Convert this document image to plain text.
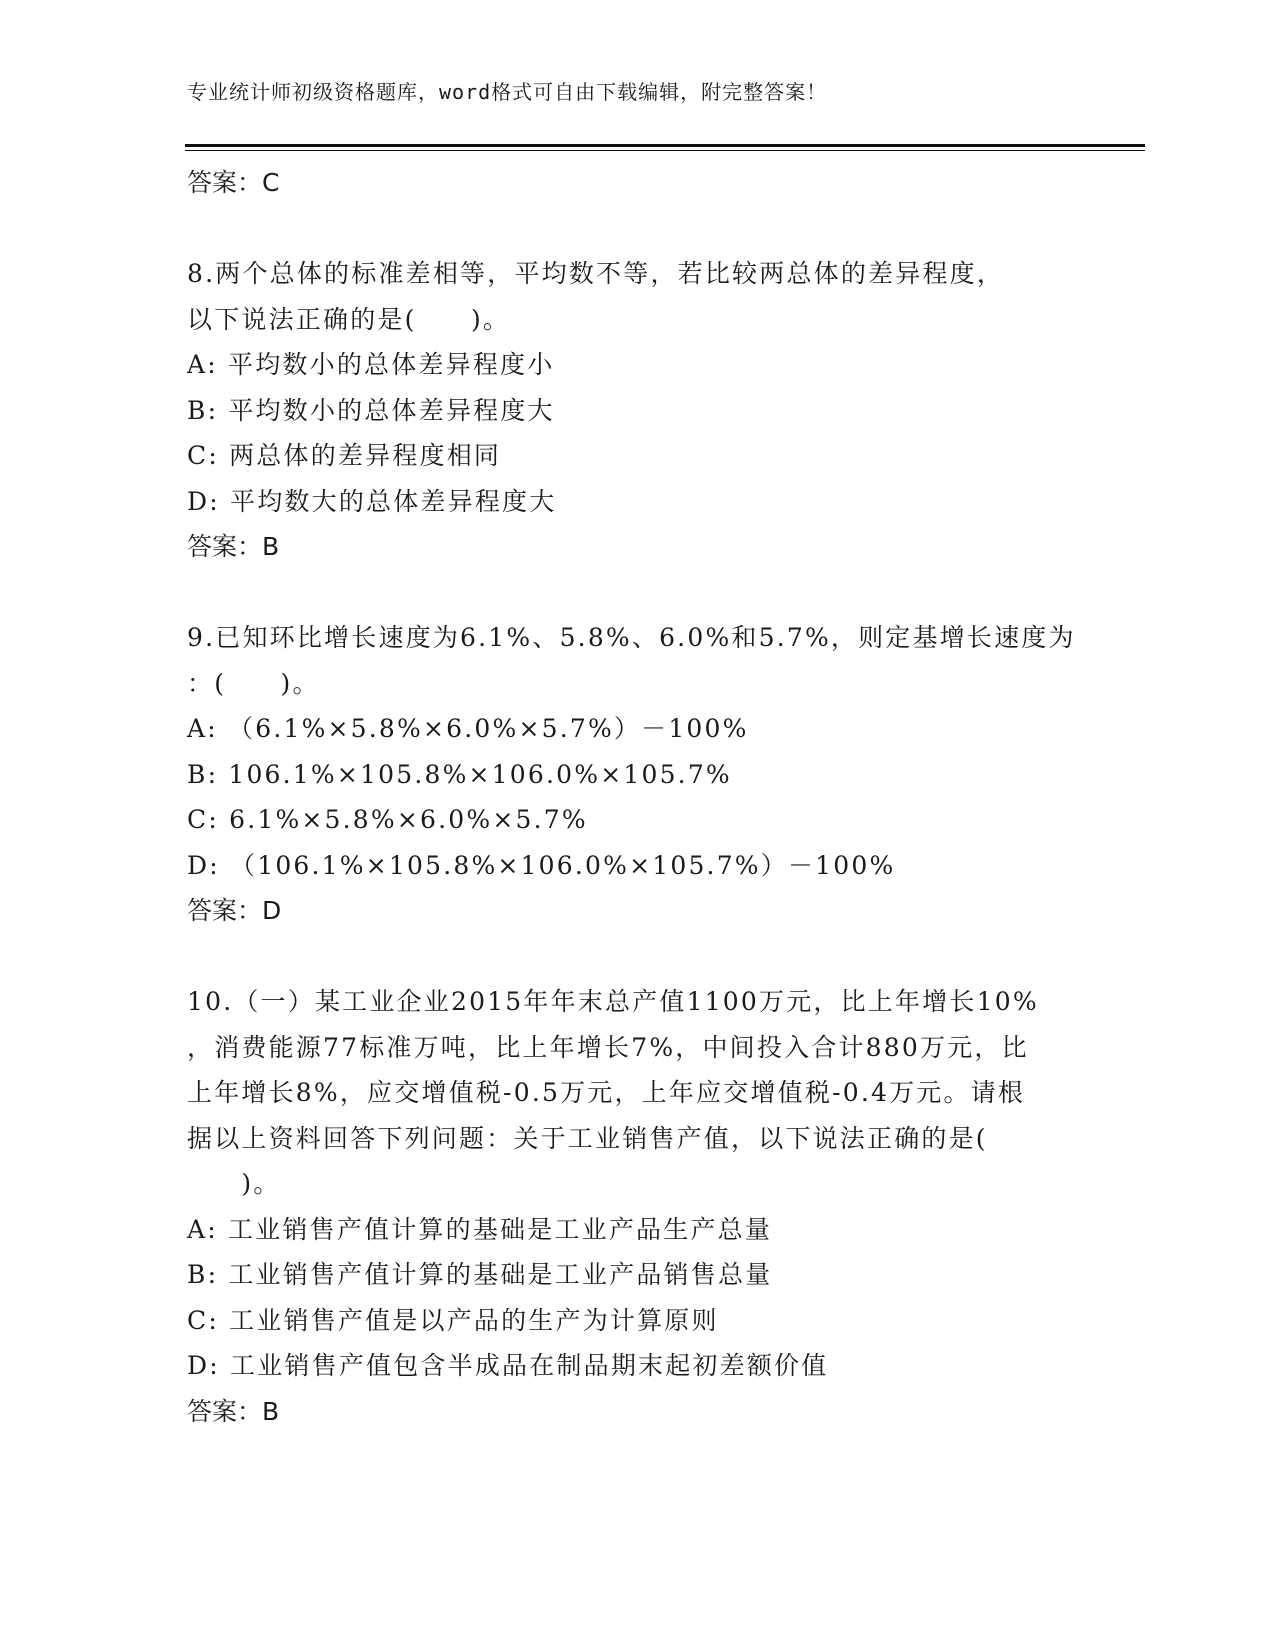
专业统计师初级资格题库，word格式可自由下载编辑，附完整答案！
答案：C
8.两个总体的标准差相等，平均数不等，若比较两总体的差异程度，
以下说法正确的是(　　)。
A: 平均数小的总体差异程度小
B: 平均数小的总体差异程度大
C: 两总体的差异程度相同
D: 平均数大的总体差异程度大
答案：B
9.已知环比增长速度为6.1%、5.8%、6.0%和5.7%，则定基增长速度为
：(　　)。
A: （6.1%×5.8%×6.0%×5.7%）－100%
B: 106.1%×105.8%×106.0%×105.7%
C: 6.1%×5.8%×6.0%×5.7%
D: （106.1%×105.8%×106.0%×105.7%）－100%
答案：D
10.（一）某工业企业2015年年末总产值1100万元，比上年增长10%
，消费能源77标准万吨，比上年增长7%，中间投入合计880万元，比
上年增长8%，应交增值税-0.5万元，上年应交增值税-0.4万元。请根
据以上资料回答下列问题：关于工业销售产值，以下说法正确的是(
　　)。
A: 工业销售产值计算的基础是工业产品生产总量
B: 工业销售产值计算的基础是工业产品销售总量
C: 工业销售产值是以产品的生产为计算原则
D: 工业销售产值包含半成品在制品期末起初差额价值
答案：B
